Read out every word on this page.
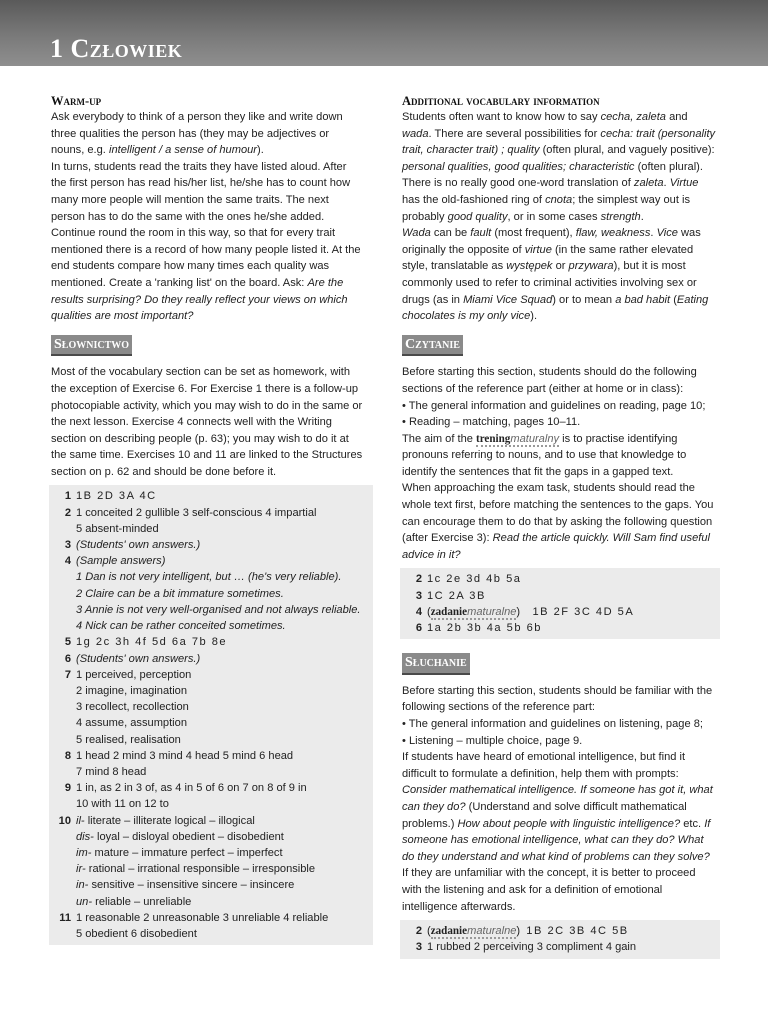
1 Człowiek

Warm-up

Ask everybody to think of a person they like and write down three qualities the person has (they may be adjectives or nouns, e.g. intelligent / a sense of humour).

In turns, students read the traits they have listed aloud. After the first person has read his/her list, he/she has to count how many more people will mention the same traits. The next person has to do the same with the ones he/she added. Continue round the room in this way, so that for every trait mentioned there is a record of how many people listed it. At the end students compare how many times each quality was mentioned. Create a 'ranking list' on the board. Ask: Are the results surprising? Do they really reflect your views on which qualities are most important?

Słownictwo

Most of the vocabulary section can be set as homework, with the exception of Exercise 6. For Exercise 1 there is a follow-up photocopiable activity, which you may wish to do in the same or the next lesson. Exercise 4 connects well with the Writing section on describing people (p. 63); you may wish to do it at the same time. Exercises 10 and 11 are linked to the Structures section on p. 62 and should be done before it.

1 1B 2D 3A 4C
2 1 conceited 2 gullible 3 self-conscious 4 impartial
5 absent-minded
3 (Students' own answers.)
4 (Sample answers)
1 Dan is not very intelligent, but … (he's very reliable).
2 Claire can be a bit immature sometimes.
3 Annie is not very well-organised and not always reliable.
4 Nick can be rather conceited sometimes.
5 1g 2c 3h 4f 5d 6a 7b 8e
6 (Students' own answers.)
7 1 perceived, perception
2 imagine, imagination
3 recollect, recollection
4 assume, assumption
5 realised, realisation
8 1 head 2 mind 3 mind 4 head 5 mind 6 head
7 mind 8 head
9 1 in, as 2 in 3 of, as 4 in 5 of 6 on 7 on 8 of 9 in
10 with 11 on 12 to
10 il- literate – illiterate logical – illogical
dis- loyal – disloyal obedient – disobedient
im- mature – immature perfect – imperfect
ir- rational – irrational responsible – irresponsible
in- sensitive – insensitive sincere – insincere
un- reliable – unreliable
11 1 reasonable 2 unreasonable 3 unreliable 4 reliable
5 obedient 6 disobedient

Additional vocabulary information

Students often want to know how to say cecha, zaleta and wada. There are several possibilities for cecha: trait (personality trait, character trait) ; quality (often plural, and vaguely positive): personal qualities, good qualities; characteristic (often plural). There is no really good one-word translation of zaleta. Virtue has the old-fashioned ring of cnota; the simplest way out is probably good quality, or in some cases strength.

Wada can be fault (most frequent), flaw, weakness. Vice was originally the opposite of virtue (in the same rather elevated style, translatable as występek or przywara), but it is most commonly used to refer to criminal activities involving sex or drugs (as in Miami Vice Squad) or to mean a bad habit (Eating chocolates is my only vice).

Czytanie

Before starting this section, students should do the following sections of the reference part (either at home or in class):

• The general information and guidelines on reading, page 10;

• Reading – matching, pages 10–11.

The aim of the treningmaturalny is to practise identifying pronouns referring to nouns, and to use that knowledge to identify the sentences that fit the gaps in a gapped text.

When approaching the exam task, students should read the whole text first, before matching the sentences to the gaps. You can encourage them to do that by asking the following question (after Exercise 3): Read the article quickly. Will Sam find useful advice in it?

2 1c 2e 3d 4b 5a
3 1C 2A 3B
4 (zadaniematuralne) 1B 2F 3C 4D 5A
6 1a 2b 3b 4a 5b 6b
Słuchanie

Before starting this section, students should be familiar with the following sections of the reference part:

• The general information and guidelines on listening, page 8;

• Listening – multiple choice, page 9.

If students have heard of emotional intelligence, but find it difficult to formulate a definition, help them with prompts: Consider mathematical intelligence. If someone has got it, what can they do? (Understand and solve difficult mathematical problems.) How about people with linguistic intelligence? etc. If someone has emotional intelligence, what can they do? What do they understand and what kind of problems can they solve?

If they are unfamiliar with the concept, it is better to proceed with the listening and ask for a definition of emotional intelligence afterwards.

2 (zadaniematuralne) 1B 2C 3B 4C 5B
3 1 rubbed 2 perceiving 3 compliment 4 gain
